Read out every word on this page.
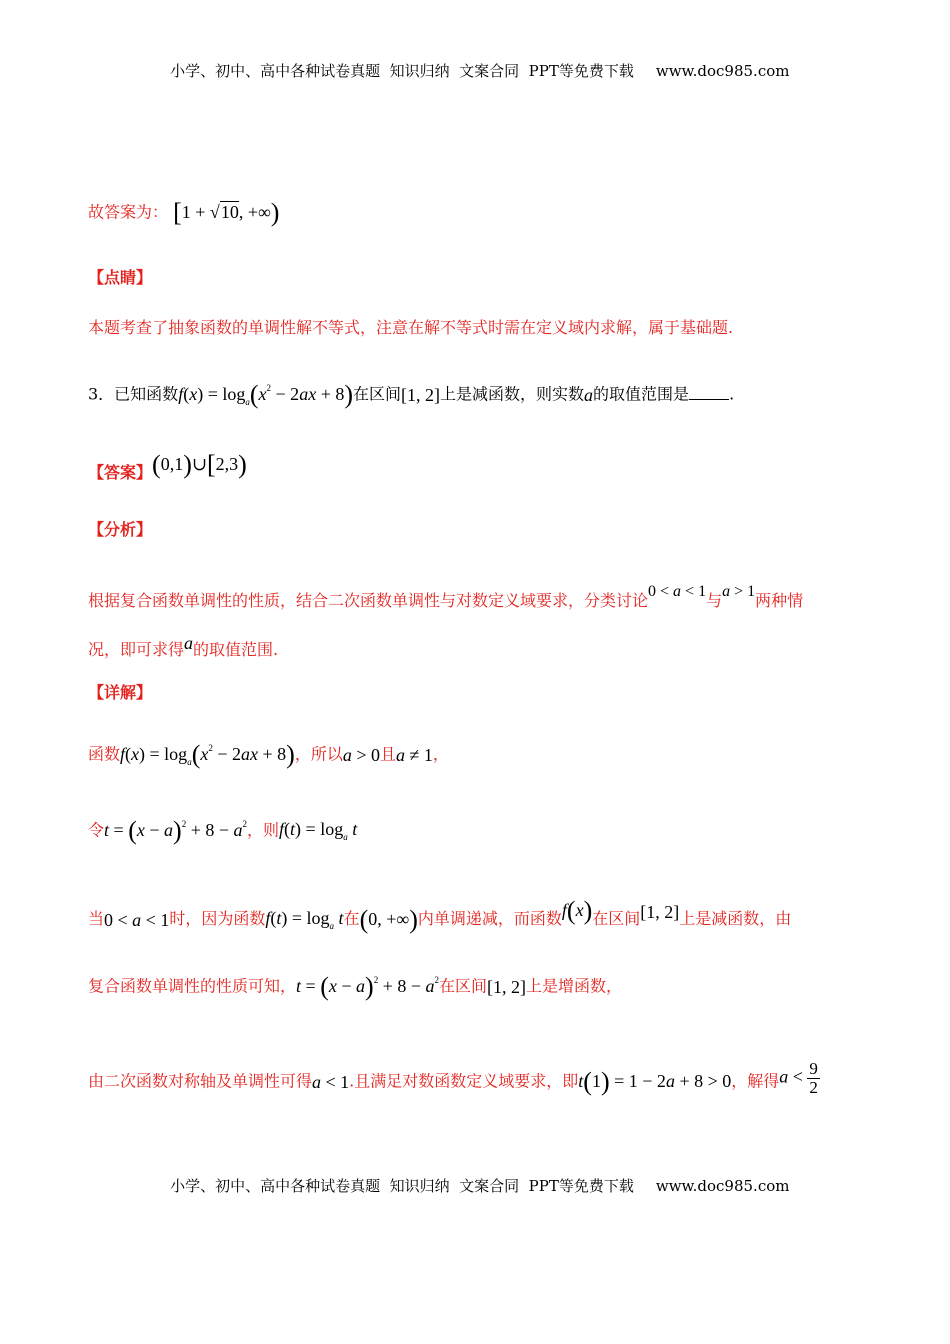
小学、初中、高中各种试卷真题  知识归纳  文案合同  PPT等免费下载 www.doc985.com

故答案为： [1 + √10, +∞)
【点睛】
本题考查了抽象函数的单调性解不等式，注意在解不等式时需在定义域内求解，属于基础题.
3．已知函数$f(x) = \log_a(x^2 - 2ax + 8)$在区间[1, 2]上是减函数，则实数a的取值范围是	.
【答案】(0,1)∪[2,3)
【分析】
根据复合函数单调性的性质，结合二次函数单调性与对数定义域要求，分类讨论0 < a < 1与a > 1两种情
况，即可求得a的取值范围.
【详解】
函数$f(x) = \log_a(x^2 - 2ax + 8)$，所以a > 0且a ≠ 1，
令$t = (x - a)^2 + 8 - a^2$，则$f(t) = \log_a t$
当0 < a < 1时，因为函数$f(t) = \log_a t$在(0, +∞)内单调递减，而函数f(x)在区间[1, 2]上是减函数，由
复合函数单调性的性质可知，$t = (x - a)^2 + 8 - a^2$在区间[1, 2]上是增函数，
由二次函数对称轴及单调性可得a < 1.且满足对数函数定义域要求，即t(1) = 1 − 2a + 8 > 0，解得$a < \frac{9}{2}$

小学、初中、高中各种试卷真题  知识归纳  文案合同  PPT等免费下载 www.doc985.com
